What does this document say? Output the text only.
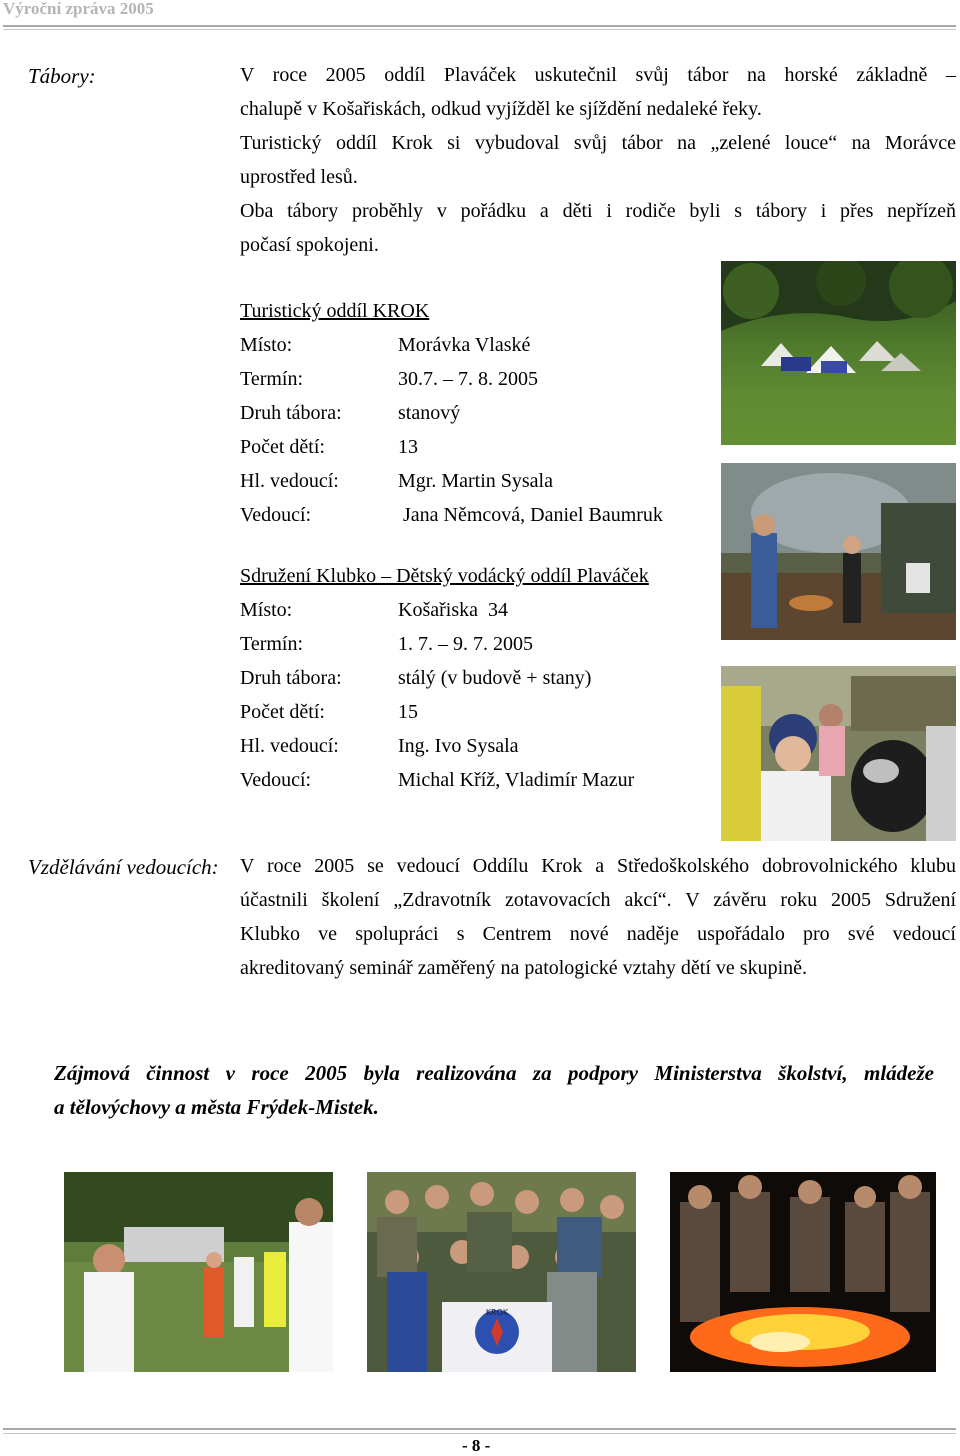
Výroční zpráva 2005
Tábory:	V roce 2005 oddíl Plaváček uskutečnil svůj tábor na horské základně –
chalupě v Košařiskách, odkud vyjížděl ke sjíždění nedaleké řeky.
Turistický oddíl Krok si vybudoval svůj tábor na „zelené louce“ na Morávce
uprostřed lesů.
Oba tábory proběhly v pořádku a děti i rodiče byli s tábory i přes nepřízeň
počasí spokojeni.
Turistický oddíl KROK
Místo:	Morávka Vlaské
Termín:	30.7. – 7. 8. 2005
Druh tábora:	stanový
Počet dětí:	13
Hl. vedoucí:	Mgr. Martin Sysala
Vedoucí:	Jana Němcová, Daniel Baumruk
Sdružení Klubko – Dětský vodácký oddíl Plaváček
Místo:	Košařiska  34
Termín:	1. 7. – 9. 7. 2005
Druh tábora:	stálý (v budově + stany)
Počet dětí:	15
Hl. vedoucí:	Ing. Ivo Sysala
Vedoucí:	Michal Kříž, Vladimír Mazur
Vzdělávání vedoucích: V roce 2005 se vedoucí Oddílu Krok a Středoškolského dobrovolnického klubu
účastnili školení „Zdravotník zotavovacích akcí“. V závěru roku 2005 Sdružení
Klubko ve spolupráci s Centrem nové naděje uspořádalo pro své vedoucí
akreditovaný seminář zaměřený na patologické vztahy dětí ve skupině.
Zájmová činnost v roce 2005 byla realizována za podpory Ministerstva školství, mládeže
a tělovýchovy a města Frýdek-Mistek.
KROK
- 8 -
